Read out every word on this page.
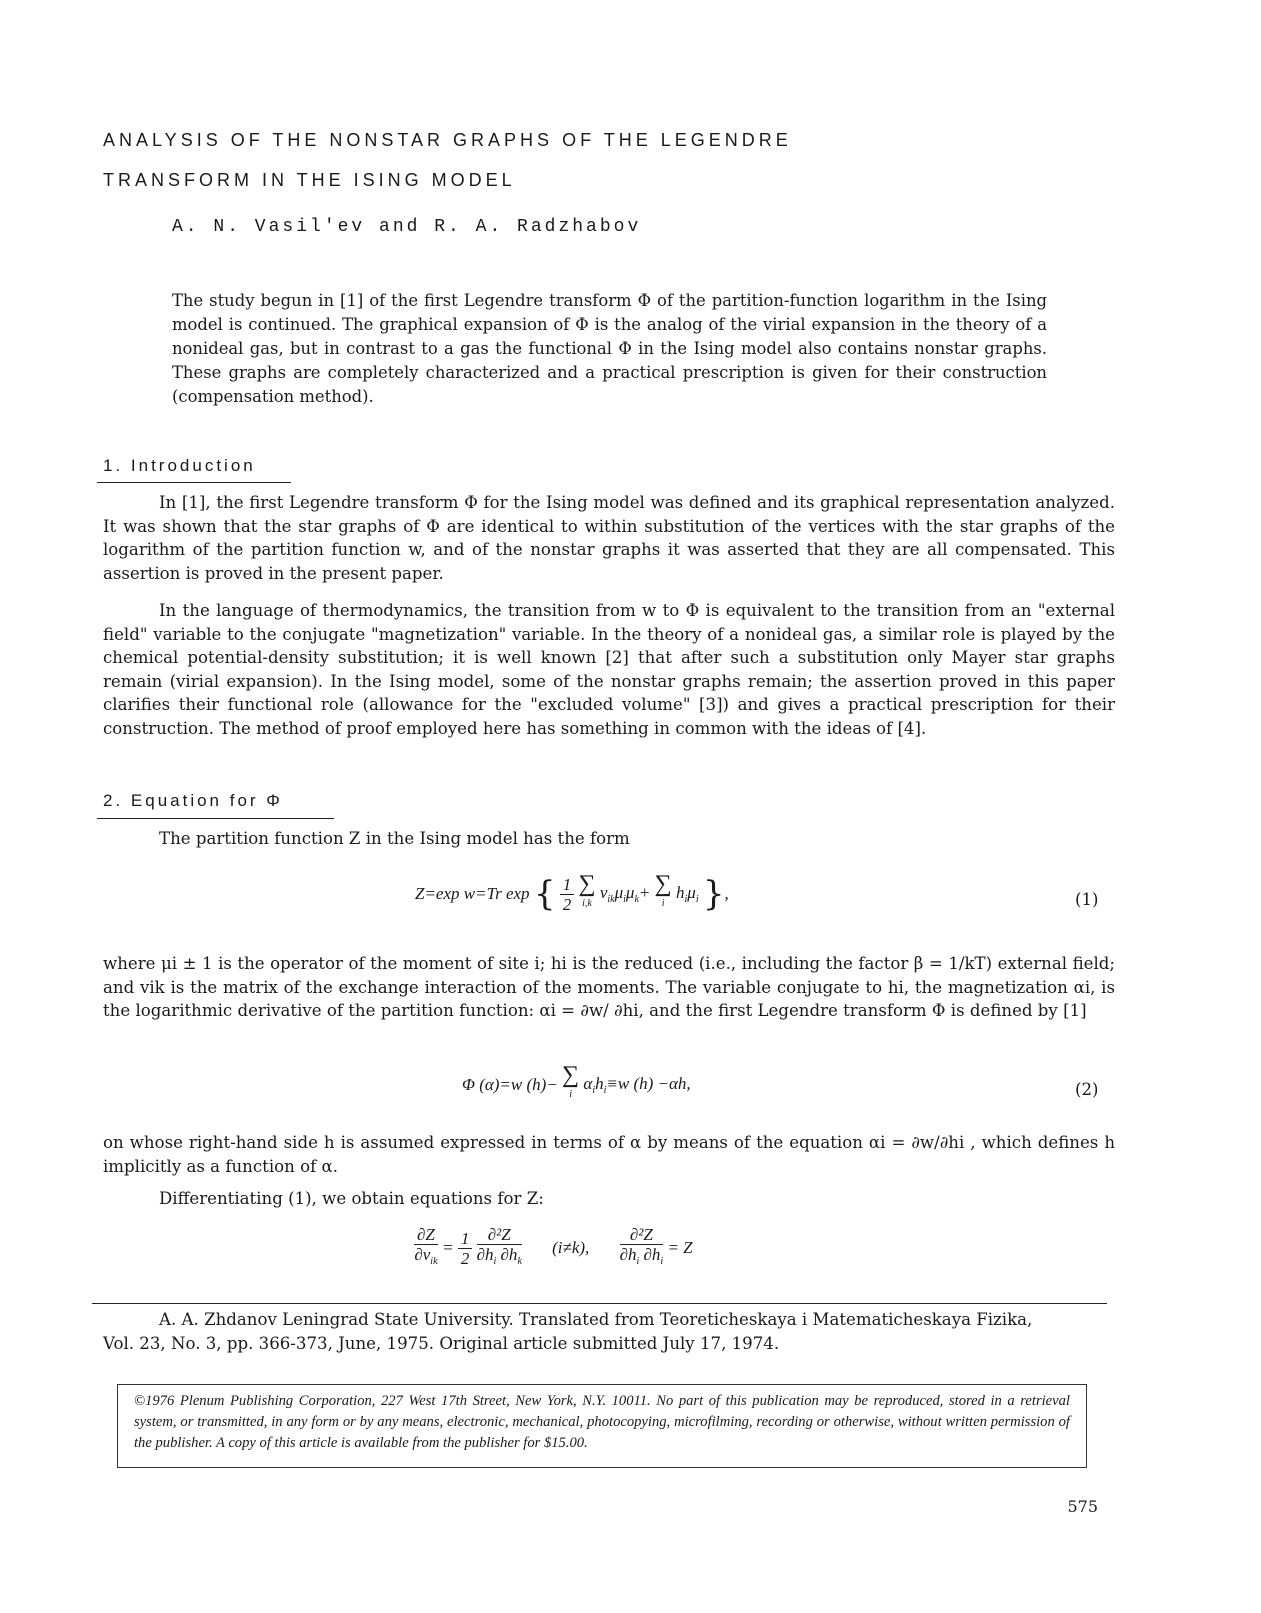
ANALYSIS OF THE NONSTAR GRAPHS OF THE LEGENDRE
TRANSFORM IN THE ISING MODEL
A. N. Vasil'ev and R. A. Radzhabov
The study begun in [1] of the first Legendre transform Φ of the partition-function logarithm in the Ising model is continued. The graphical expansion of Φ is the analog of the virial expansion in the theory of a nonideal gas, but in contrast to a gas the functional Φ in the Ising model also contains nonstar graphs. These graphs are completely characterized and a practical prescription is given for their construction (compensation method).
1. Introduction
In [1], the first Legendre transform Φ for the Ising model was defined and its graphical representation analyzed. It was shown that the star graphs of Φ are identical to within substitution of the vertices with the star graphs of the logarithm of the partition function w, and of the nonstar graphs it was asserted that they are all compensated. This assertion is proved in the present paper.
In the language of thermodynamics, the transition from w to Φ is equivalent to the transition from an "external field" variable to the conjugate "magnetization" variable. In the theory of a nonideal gas, a similar role is played by the chemical potential-density substitution; it is well known [2] that after such a substitution only Mayer star graphs remain (virial expansion). In the Ising model, some of the nonstar graphs remain; the assertion proved in this paper clarifies their functional role (allowance for the "excluded volume" [3]) and gives a practical prescription for their construction. The method of proof employed here has something in common with the ideas of [4].
2. Equation for Φ
The partition function Z in the Ising model has the form
Z=exp w=Tr exp { $\frac{1}{2}$
∑
i,k
$v_{ik}\mu_i\mu_k+$ ∑
i
$h_i\mu_i$ },	(1)
where μi ± 1 is the operator of the moment of site i; hi is the reduced (i.e., including the factor β = 1/kT) external field; and vik is the matrix of the exchange interaction of the moments. The variable conjugate to hi, the magnetization αi, is the logarithmic derivative of the partition function: αi = ∂w/ ∂hi, and the first Legendre transform Φ is defined by [1]
Φ (α)=w (h)− ∑
i
$\alpha_ih_i\equiv w$ (h) −αh,	(2)
on whose right-hand side h is assumed expressed in terms of α by means of the equation αi = ∂w/∂hi , which defines h implicitly as a function of α.
Differentiating (1), we obtain equations for Z:
$\frac{\partial Z}{\partial v_{ik}} = \frac{1}{2}$
$\frac{\text{∂²Z}}{\partial h_i \partial h_k} (i\ne k)$, $\frac{\text{∂²Z}}{\partial h_i \partial h_i} = Z$
A. A. Zhdanov Leningrad State University. Translated from Teoreticheskaya i Matematicheskaya Fizika, Vol. 23, No. 3, pp. 366-373, June, 1975. Original article submitted July 17, 1974.
©1976 Plenum Publishing Corporation, 227 West 17th Street, New York, N.Y. 10011. No part of this publication may be reproduced, stored in a retrieval system, or transmitted, in any form or by any means, electronic, mechanical, photocopying, microfilming, recording or otherwise, without written permission of the publisher. A copy of this article is available from the publisher for $15.00.
575
